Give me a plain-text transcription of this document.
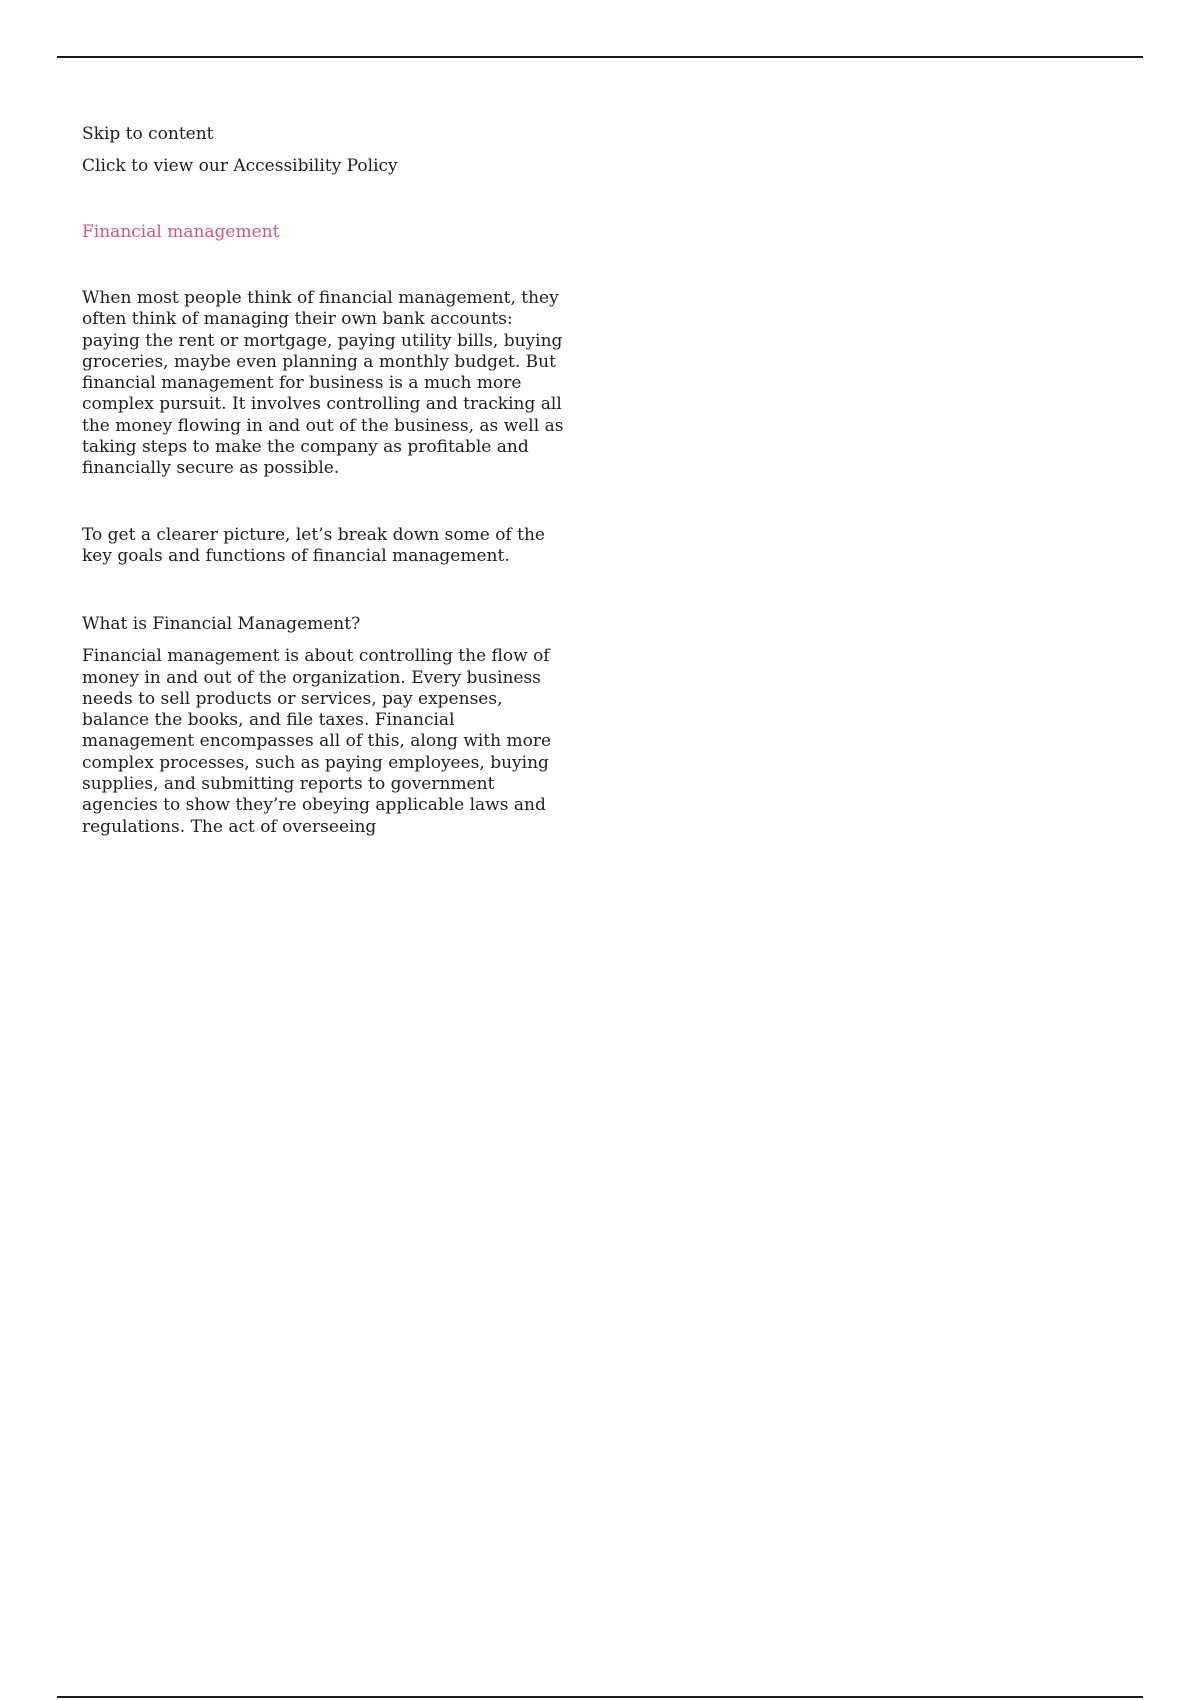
Skip to content
Click to view our Accessibility Policy
Financial management

When most people think of financial management, they often think of managing their own bank accounts: paying the rent or mortgage, paying utility bills, buying groceries, maybe even planning a monthly budget. But financial management for business is a much more complex pursuit. It involves controlling and tracking all the money flowing in and out of the business, as well as taking steps to make the company as profitable and financially secure as possible.

To get a clearer picture, let’s break down some of the key goals and functions of financial management.

What is Financial Management?

Financial management is about controlling the flow of money in and out of the organization. Every business needs to sell products or services, pay expenses, balance the books, and file taxes. Financial management encompasses all of this, along with more complex processes, such as paying employees, buying supplies, and submitting reports to government agencies to show they’re obeying applicable laws and regulations. The act of overseeing
